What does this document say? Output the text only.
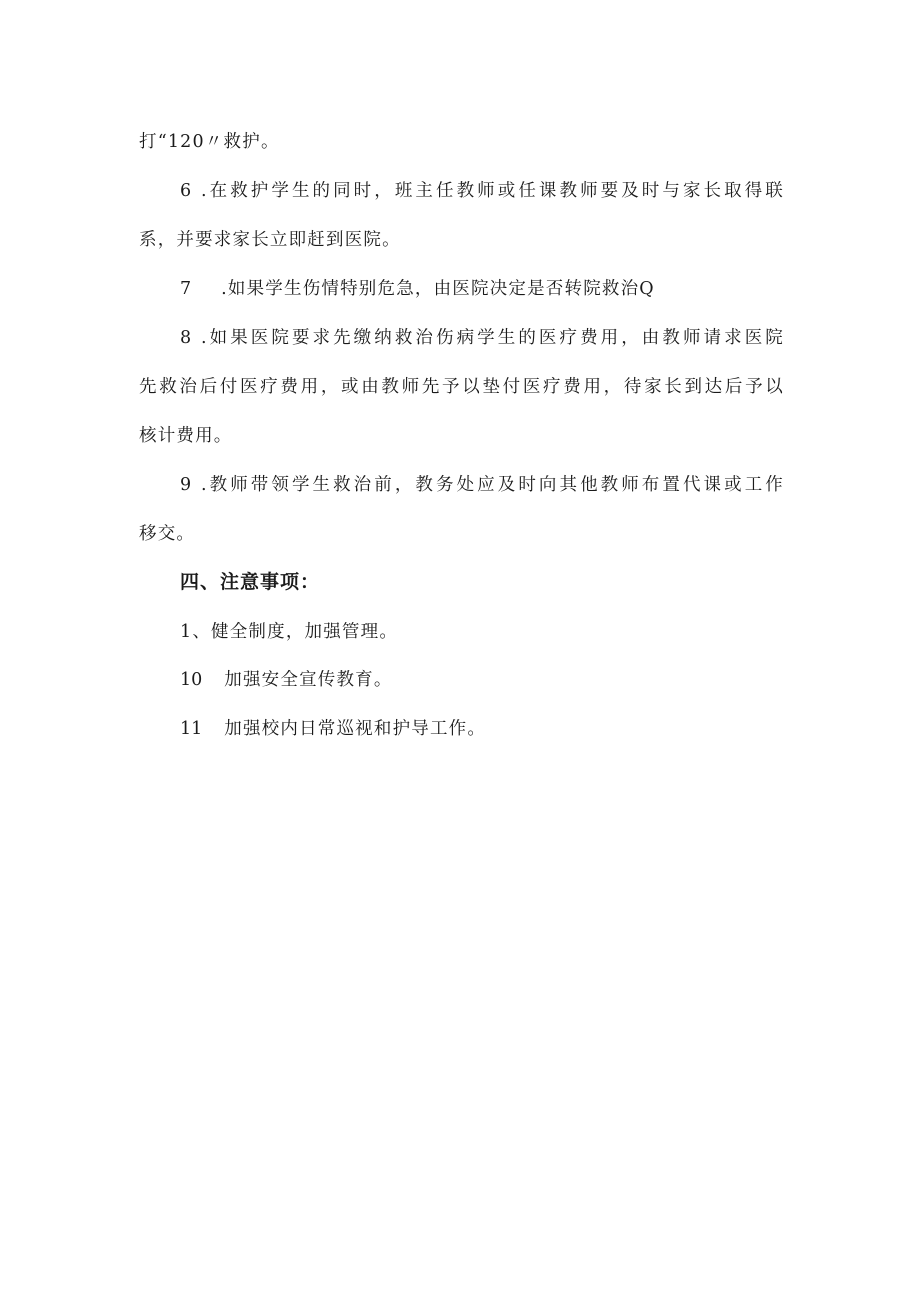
打“120〃救护。
6 .在救护学生的同时，班主任教师或任课教师要及时与家长取得联
系，并要求家长立即赶到医院。
7 .如果学生伤情特别危急，由医院决定是否转院救治Q
8 .如果医院要求先缴纳救治伤病学生的医疗费用，由教师请求医院
先救治后付医疗费用，或由教师先予以垫付医疗费用，待家长到达后予以
核计费用。
9 .教师带领学生救治前，教务处应及时向其他教师布置代课或工作
移交。
四、注意事项：
1、健全制度，加强管理。
10 加强安全宣传教育。
11 加强校内日常巡视和护导工作。
